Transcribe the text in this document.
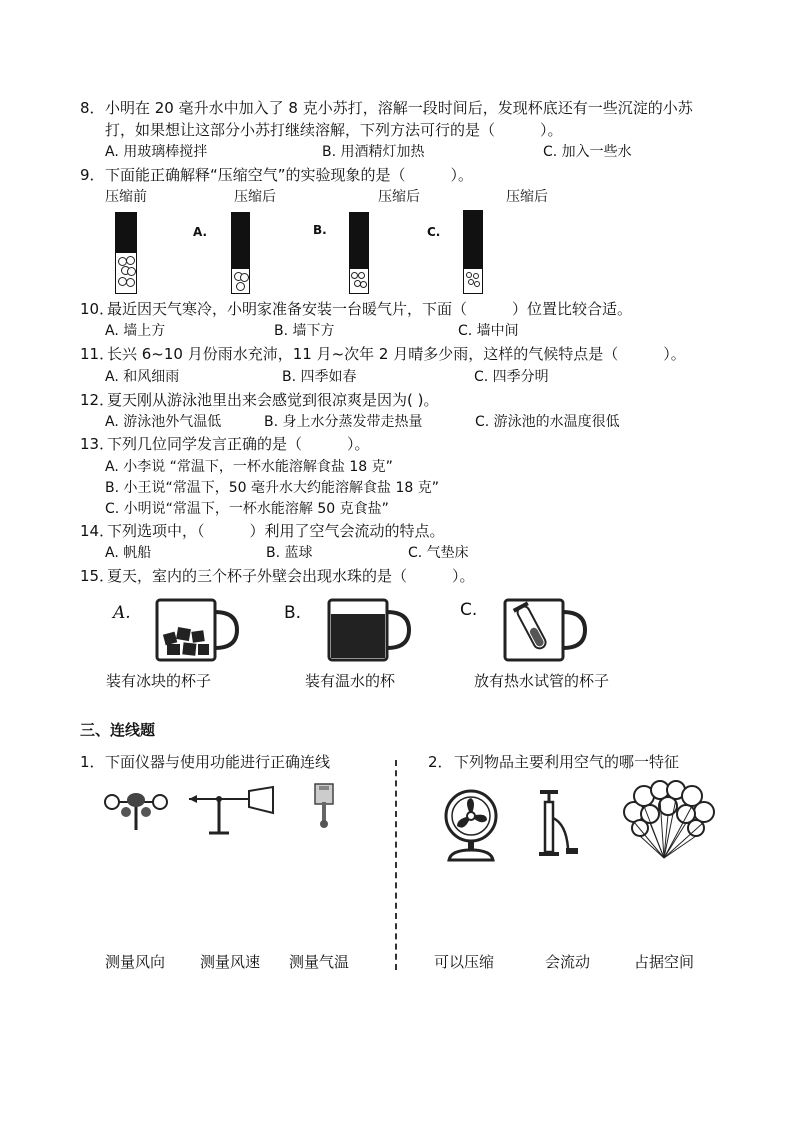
8． 小明在 20 毫升水中加入了 8 克小苏打，溶解一段时间后，发现杯底还有一些沉淀的小苏
打，如果想让这部分小苏打继续溶解，下列方法可行的是（　　　）。
A. 用玻璃棒搅拌	B. 用酒精灯加热	C. 加入一些水
9． 下面能正确解释“压缩空气”的实验现象的是（　　　）。
压缩前	压缩后	压缩后	压缩后
A.	B.	C.
10．
最近因天气寒冷，小明家准备安装一台暖气片，下面（　　　）位置比较合适。
A. 墙上方	B. 墙下方	C. 墙中间
11．
长兴 6~10 月份雨水充沛，11 月~次年 2 月晴多少雨，这样的气候特点是（　　　）。
A. 和风细雨	B. 四季如春	C. 四季分明
12．
夏天刚从游泳池里出来会感觉到很凉爽是因为( )。
A. 游泳池外气温低	B. 身上水分蒸发带走热量	C. 游泳池的水温度很低
13．
下列几位同学发言正确的是（　　　）。
A. 小李说 “常温下，一杯水能溶解食盐 18 克”
B. 小王说“常温下，50 毫升水大约能溶解食盐 18 克”
C. 小明说“常温下，一杯水能溶解 50 克食盐”
14．
下列选项中，（　　　）利用了空气会流动的特点。
A. 帆船	B. 蓝球	C. 气垫床
15．
夏天，室内的三个杯子外壁会出现水珠的是（　　　）。
A.
装有冰块的杯子
B.
装有温水的杯
C.
放有热水试管的杯子
三、连线题
1． 下面仪器与使用功能进行正确连线	2． 下列物品主要利用空气的哪一特征
测量风向 测量风速 测量气温	可以压缩	会流动	占据空间
